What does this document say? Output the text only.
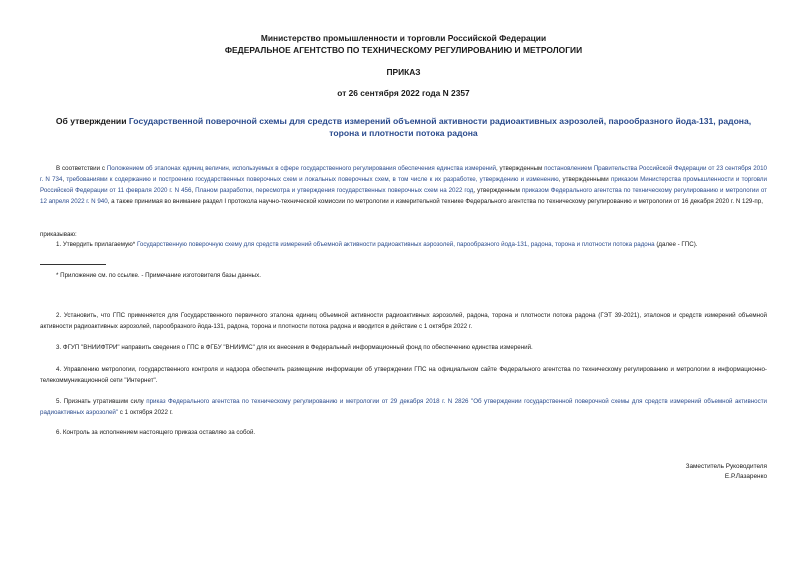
Министерство промышленности и торговли Российской Федерации
ФЕДЕРАЛЬНОЕ АГЕНТСТВО ПО ТЕХНИЧЕСКОМУ РЕГУЛИРОВАНИЮ И МЕТРОЛОГИИ
ПРИКАЗ
от 26 сентября 2022 года N 2357
Об утверждении Государственной поверочной схемы для средств измерений объемной активности радиоактивных аэрозолей, парообразного йода-131, радона, торона и плотности потока радона

В соответствии с Положением об эталонах единиц величин, используемых в сфере государственного регулирования обеспечения единства измерений, утвержденным постановлением Правительства Российской Федерации от 23 сентября 2010 г. N 734, требованиями к содержанию и построению государственных поверочных схем и локальных поверочных схем, в том числе к их разработке, утверждению и изменению, утвержденными приказом Министерства промышленности и торговли Российской Федерации от 11 февраля 2020 г. N 456, Планом разработки, пересмотра и утверждения государственных поверочных схем на 2022 год, утвержденным приказом Федерального агентства по техническому регулированию и метрологии от 12 апреля 2022 г. N 940, а также принимая во внимание раздел I протокола научно-технической комиссии по метрологии и измерительной технике Федерального агентства по техническому регулированию и метрологии от 16 декабря 2020 г. N 129-пр,

приказываю:

1. Утвердить прилагаемую* Государственную поверочную схему для средств измерений объемной активности радиоактивных аэрозолей, парообразного йода-131, радона, торона и плотности потока радона (далее - ГПС).

* Приложение см. по ссылке. - Примечание изготовителя базы данных.

2. Установить, что ГПС применяется для Государственного первичного эталона единиц объемной активности радиоактивных аэрозолей, радона, торона и плотности потока радона (ГЭТ 39-2021), эталонов и средств измерений объемной активности радиоактивных аэрозолей, парообразного йода-131, радона, торона и плотности потока радона и вводится в действие с 1 октября 2022 г.

3. ФГУП "ВНИИФТРИ" направить сведения о ГПС в ФГБУ "ВНИИМС" для их внесения в Федеральный информационный фонд по обеспечению единства измерений.

4. Управлению метрологии, государственного контроля и надзора обеспечить размещение информации об утверждении ГПС на официальном сайте Федерального агентства по техническому регулированию и метрологии в информационно-телекоммуникационной сети "Интернет".

5. Признать утратившим силу приказ Федерального агентства по техническому регулированию и метрологии от 29 декабря 2018 г. N 2826 "Об утверждении государственной поверочной схемы для средств измерений объемной активности радиоактивных аэрозолей" с 1 октября 2022 г.

6. Контроль за исполнением настоящего приказа оставляю за собой.

Заместитель Руководителя
Е.Р.Лазаренко
